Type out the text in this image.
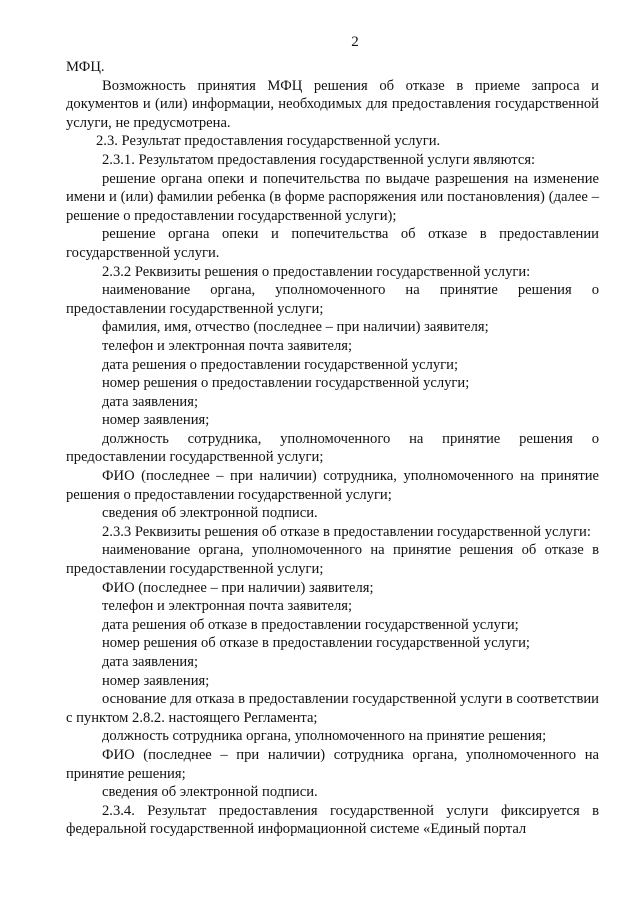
2

МФЦ.

Возможность принятия МФЦ решения об отказе в приеме запроса и документов и (или) информации, необходимых для предоставления государственной услуги, не предусмотрена.

2.3. Результат предоставления государственной услуги.

2.3.1. Результатом предоставления государственной услуги являются:

решение органа опеки и попечительства по выдаче разрешения на изменение имени и (или) фамилии ребенка (в форме распоряжения или постановления) (далее – решение о предоставлении государственной услуги);

решение органа опеки и попечительства об отказе в предоставлении государственной услуги.

2.3.2 Реквизиты решения о предоставлении государственной услуги:

наименование органа, уполномоченного на принятие решения о предоставлении государственной услуги;

фамилия, имя, отчество (последнее – при наличии) заявителя;

телефон и электронная почта заявителя;

дата решения о предоставлении государственной услуги;

номер решения о предоставлении государственной услуги;

дата заявления;

номер заявления;

должность сотрудника, уполномоченного на принятие решения о предоставлении государственной услуги;

ФИО (последнее – при наличии) сотрудника, уполномоченного на принятие решения о предоставлении государственной услуги;

сведения об электронной подписи.

2.3.3 Реквизиты решения об отказе в предоставлении государственной услуги:

наименование органа, уполномоченного на принятие решения об отказе в предоставлении государственной услуги;

ФИО (последнее – при наличии) заявителя;

телефон и электронная почта заявителя;

дата решения об отказе в предоставлении государственной услуги;

номер решения об отказе в предоставлении государственной услуги;

дата заявления;

номер заявления;

основание для отказа в предоставлении государственной услуги в соответствии с пунктом 2.8.2. настоящего Регламента;

должность сотрудника органа, уполномоченного на принятие решения;

ФИО (последнее – при наличии) сотрудника органа, уполномоченного на принятие решения;

сведения об электронной подписи.

2.3.4. Результат предоставления государственной услуги фиксируется в федеральной государственной информационной системе «Единый портал
